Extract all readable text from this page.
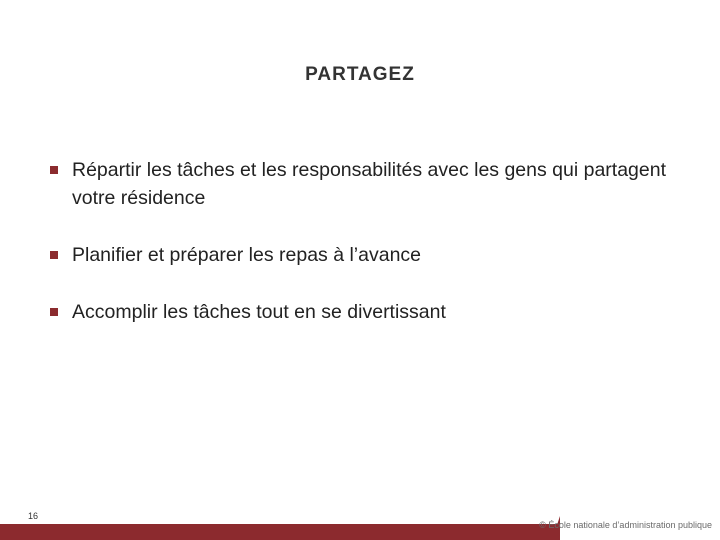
PARTAGEZ
Répartir les tâches et les responsabilités avec les gens qui partagent votre résidence
Planifier et préparer les repas à l’avance
Accomplir les tâches tout en se divertissant
16
© École nationale d’administration publique
